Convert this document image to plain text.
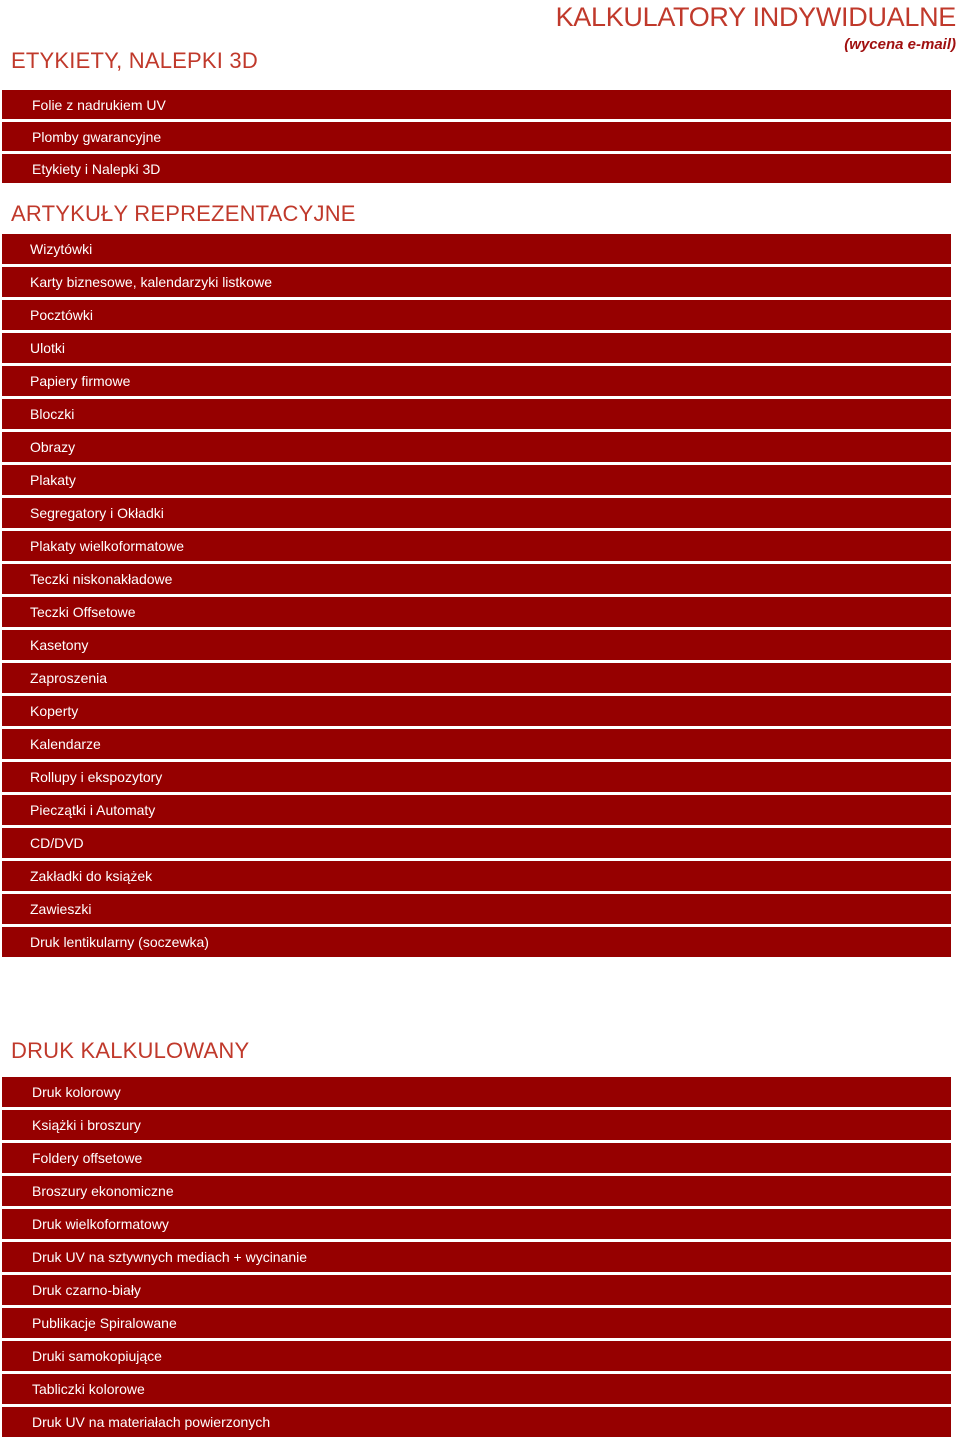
KALKULATORY INDYWIDUALNE
(wycena e-mail)
ETYKIETY, NALEPKI 3D
Folie z nadrukiem UV
Plomby gwarancyjne
Etykiety i Nalepki 3D
ARTYKUŁY REPREZENTACYJNE
Wizytówki
Karty biznesowe, kalendarzyki listkowe
Pocztówki
Ulotki
Papiery firmowe
Bloczki
Obrazy
Plakaty
Segregatory i Okładki
Plakaty wielkoformatowe
Teczki niskonakładowe
Teczki Offsetowe
Kasetony
Zaproszenia
Koperty
Kalendarze
Rollupy i ekspozytory
Pieczątki i Automaty
CD/DVD
Zakładki do książek
Zawieszki
Druk lentikularny (soczewka)
DRUK KALKULOWANY
Druk kolorowy
Książki i broszury
Foldery offsetowe
Broszury ekonomiczne
Druk wielkoformatowy
Druk UV na sztywnych mediach + wycinanie
Druk czarno-biały
Publikacje Spiralowane
Druki samokopiujące
Tabliczki kolorowe
Druk UV na materiałach powierzonych
